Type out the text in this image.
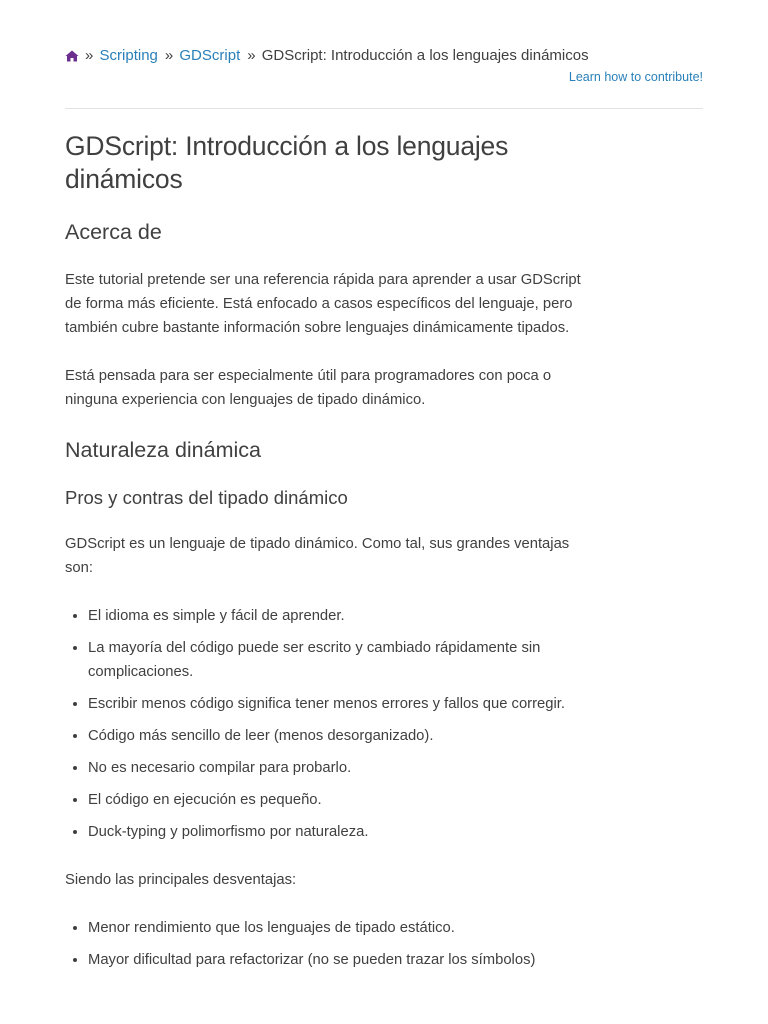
» Scripting » GDScript » GDScript: Introducción a los lenguajes dinámicos
Learn how to contribute!
GDScript: Introducción a los lenguajes dinámicos
Acerca de

Este tutorial pretende ser una referencia rápida para aprender a usar GDScript de forma más eficiente. Está enfocado a casos específicos del lenguaje, pero también cubre bastante información sobre lenguajes dinámicamente tipados.

Está pensada para ser especialmente útil para programadores con poca o ninguna experiencia con lenguajes de tipado dinámico.

Naturaleza dinámica
Pros y contras del tipado dinámico

GDScript es un lenguaje de tipado dinámico. Como tal, sus grandes ventajas son:

• El idioma es simple y fácil de aprender.
• La mayoría del código puede ser escrito y cambiado rápidamente sin complicaciones.
• Escribir menos código significa tener menos errores y fallos que corregir.
• Código más sencillo de leer (menos desorganizado).
• No es necesario compilar para probarlo.
• El código en ejecución es pequeño.
• Duck-typing y polimorfismo por naturaleza.

Siendo las principales desventajas:

• Menor rendimiento que los lenguajes de tipado estático.
• Mayor dificultad para refactorizar (no se pueden trazar los símbolos)
